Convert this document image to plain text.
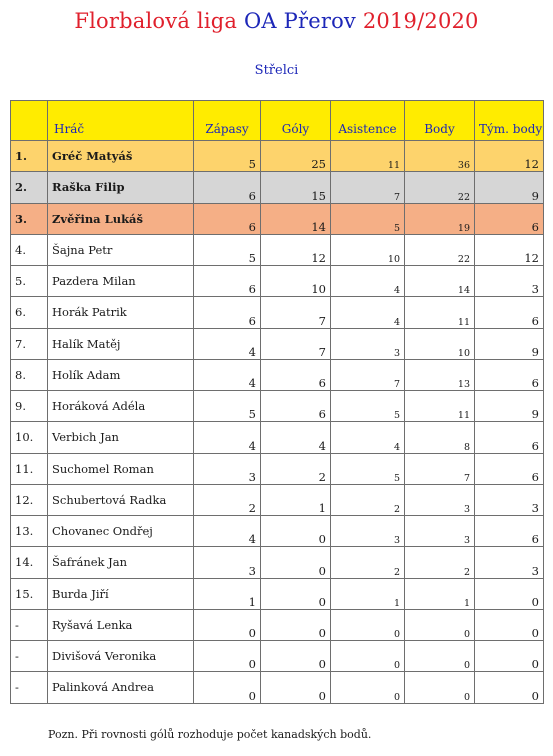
Florbalová liga OA Přerov 2019/2020
Střelci
	Hráč	Zápasy	Góly	Asistence	Body	Tým. body
1.	Gréč Matyáš	5	25	11	36	12
2.	Raška Filip	6	15	7	22	9
3.	Zvěřina Lukáš	6	14	5	19	6
4.	Šajna Petr	5	12	10	22	12
5.	Pazdera Milan	6	10	4	14	3
6.	Horák Patrik	6	7	4	11	6
7.	Halík Matěj	4	7	3	10	9
8.	Holík Adam	4	6	7	13	6
9.	Horáková Adéla	5	6	5	11	9
10.	Verbich Jan	4	4	4	8	6
11.	Suchomel Roman	3	2	5	7	6
12.	Schubertová Radka	2	1	2	3	3
13.	Chovanec Ondřej	4	0	3	3	6
14.	Šafránek Jan	3	0	2	2	3
15.	Burda Jiří	1	0	1	1	0
-	Ryšavá Lenka	0	0	0	0	0
-	Divišová Veronika	0	0	0	0	0
-	Palinková Andrea	0	0	0	0	0
Pozn. Při rovnosti gólů rozhoduje počet kanadských bodů.
